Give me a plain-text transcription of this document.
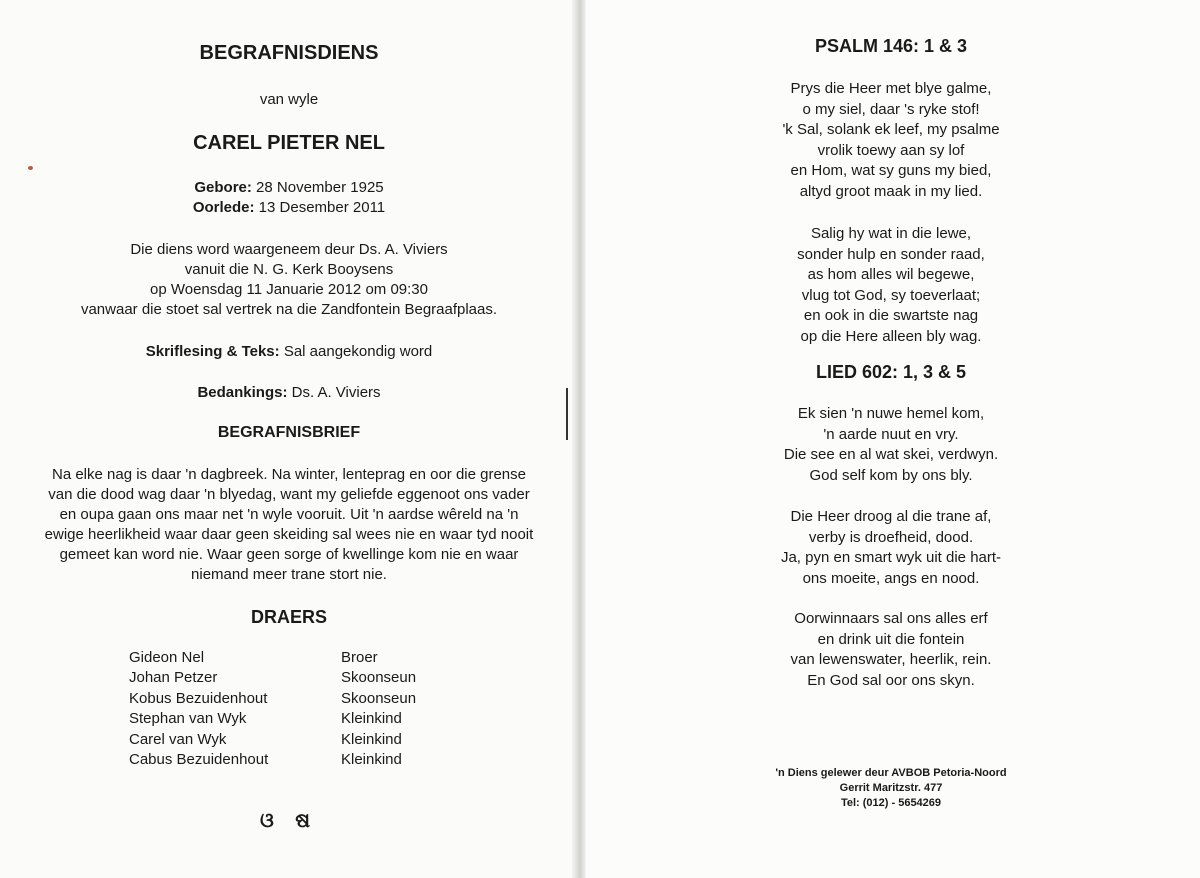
BEGRAFNISDIENS
van wyle
CAREL PIETER NEL
Gebore: 28 November 1925
Oorlede: 13 Desember 2011
Die diens word waargeneem deur Ds. A. Viviers
vanuit die N. G. Kerk Booysens
op Woensdag 11 Januarie 2012 om 09:30
vanwaar die stoet sal vertrek na die Zandfontein Begraafplaas.
Skriflesing & Teks: Sal aangekondig word
Bedankings: Ds. A. Viviers
BEGRAFNISBRIEF
Na elke nag is daar 'n dagbreek. Na winter, lenteprag en oor die grense
van die dood wag daar 'n blyedag, want my geliefde eggenoot ons vader
en oupa gaan ons maar net 'n wyle vooruit. Uit 'n aardse wêreld na 'n
ewige heerlikheid waar daar geen skeiding sal wees nie en waar tyd nooit
gemeet kan word nie. Waar geen sorge of kwellinge kom nie en waar
niemand meer trane stort nie.
DRAERS
Gideon Nel	Broer
Johan Petzer	Skoonseun
Kobus Bezuidenhout	Skoonseun
Stephan van Wyk	Kleinkind
Carel van Wyk	Kleinkind
Cabus Bezuidenhout	Kleinkind
ଓ ଷ
PSALM 146: 1 & 3
Prys die Heer met blye galme,
o my siel, daar 's ryke stof!
'k Sal, solank ek leef, my psalme
vrolik toewy aan sy lof
en Hom, wat sy guns my bied,
altyd groot maak in my lied.
Salig hy wat in die lewe,
sonder hulp en sonder raad,
as hom alles wil begewe,
vlug tot God, sy toeverlaat;
en ook in die swartste nag
op die Here alleen bly wag.
LIED 602: 1, 3 & 5
Ek sien 'n nuwe hemel kom,
'n aarde nuut en vry.
Die see en al wat skei, verdwyn.
God self kom by ons bly.
Die Heer droog al die trane af,
verby is droefheid, dood.
Ja, pyn en smart wyk uit die hart-
ons moeite, angs en nood.
Oorwinnaars sal ons alles erf
en drink uit die fontein
van lewenswater, heerlik, rein.
En God sal oor ons skyn.
'n Diens gelewer deur AVBOB Petoria-Noord
Gerrit Maritzstr. 477
Tel: (012) - 5654269
